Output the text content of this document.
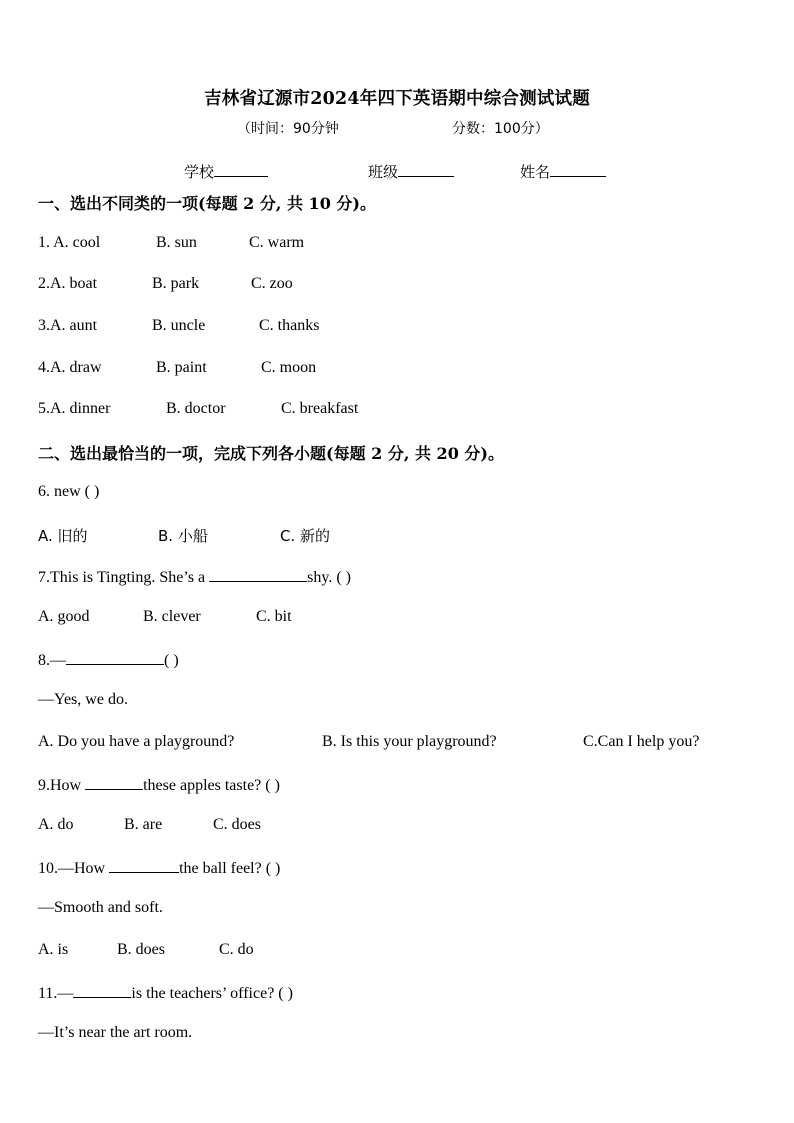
吉林省辽源市2024年四下英语期中综合测试试题
（时间：90分钟	分数：100分）
学校	班级	姓名
一、选出不同类的一项(每题 2 分, 共 10 分)。
1. A. cool	B. sun	C. warm
2.A. boat	B. park	C. zoo
3.A. aunt	B. uncle	C. thanks
4.A. draw	B. paint	C. moon
5.A. dinner	B. doctor	C. breakfast
二、选出最恰当的一项，完成下列各小题(每题 2 分, 共 20 分)。
6. new ( )
A. 旧的	B. 小船	C. 新的
7.This is Tingting. She’s a	shy. ( )
A. good	B. clever	C. bit
8.—	( )
—Yes, we do.
A. Do you have a playground?	B. Is this your playground?	C.Can I help you?
9.How	these apples taste? ( )
A. do	B. are	C. does
10.—How	the ball feel? ( )
—Smooth and soft.
A. is	B. does	C. do
11.—	is the teachers’ office? ( )
—It’s near the art room.
